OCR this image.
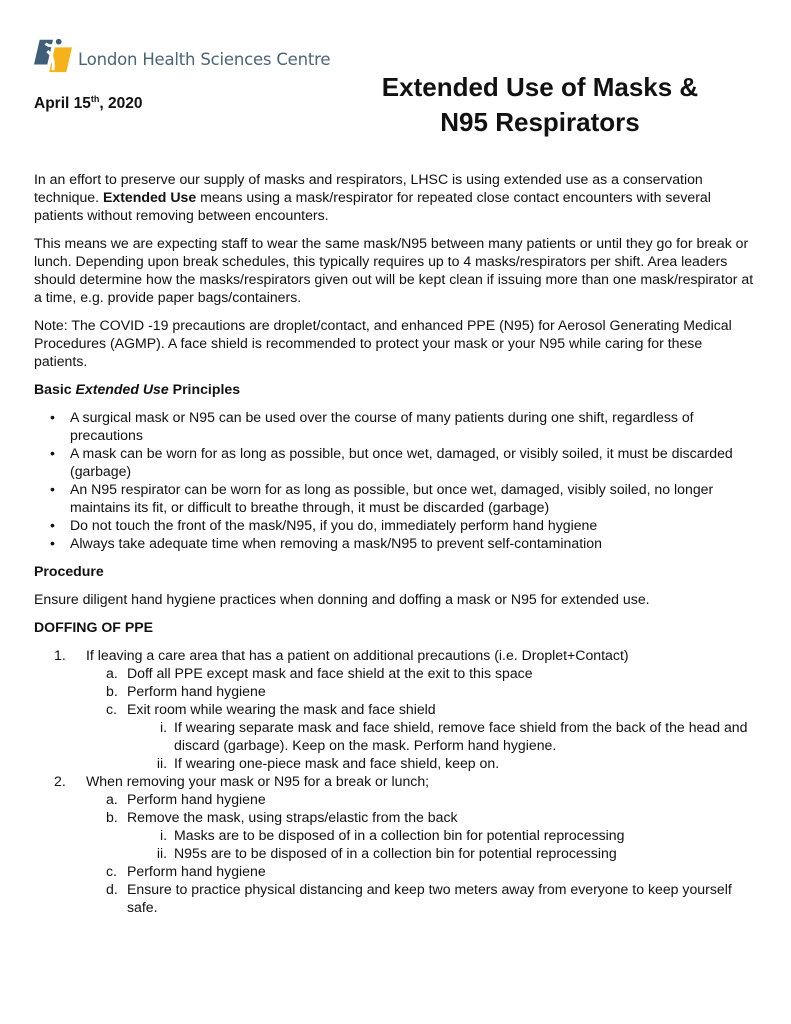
London Health Sciences Centre
April 15th, 2020
Extended Use of Masks &
N95 Respirators

In an effort to preserve our supply of masks and respirators, LHSC is using extended use as a conservation technique. Extended Use means using a mask/respirator for repeated close contact encounters with several patients without removing between encounters.

This means we are expecting staff to wear the same mask/N95 between many patients or until they go for break or lunch. Depending upon break schedules, this typically requires up to 4 masks/respirators per shift. Area leaders should determine how the masks/respirators given out will be kept clean if issuing more than one mask/respirator at a time, e.g. provide paper bags/containers.

Note: The COVID -19 precautions are droplet/contact, and enhanced PPE (N95) for Aerosol Generating Medical Procedures (AGMP). A face shield is recommended to protect your mask or your N95 while caring for these patients.

Basic Extended Use Principles
• A surgical mask or N95 can be used over the course of many patients during one shift, regardless of precautions
• A mask can be worn for as long as possible, but once wet, damaged, or visibly soiled, it must be discarded (garbage)
• An N95 respirator can be worn for as long as possible, but once wet, damaged, visibly soiled, no longer maintains its fit, or difficult to breathe through, it must be discarded (garbage)
• Do not touch the front of the mask/N95, if you do, immediately perform hand hygiene
• Always take adequate time when removing a mask/N95 to prevent self-contamination
Procedure

Ensure diligent hand hygiene practices when donning and doffing a mask or N95 for extended use.

DOFFING OF PPE
1. If leaving a care area that has a patient on additional precautions (i.e. Droplet+Contact)
a. Doff all PPE except mask and face shield at the exit to this space
b. Perform hand hygiene
c. Exit room while wearing the mask and face shield
i. If wearing separate mask and face shield, remove face shield from the back of the head and discard (garbage). Keep on the mask. Perform hand hygiene.
ii. If wearing one-piece mask and face shield, keep on.
2. When removing your mask or N95 for a break or lunch;
a. Perform hand hygiene
b. Remove the mask, using straps/elastic from the back
i. Masks are to be disposed of in a collection bin for potential reprocessing
ii. N95s are to be disposed of in a collection bin for potential reprocessing
c. Perform hand hygiene
d. Ensure to practice physical distancing and keep two meters away from everyone to keep yourself safe.
